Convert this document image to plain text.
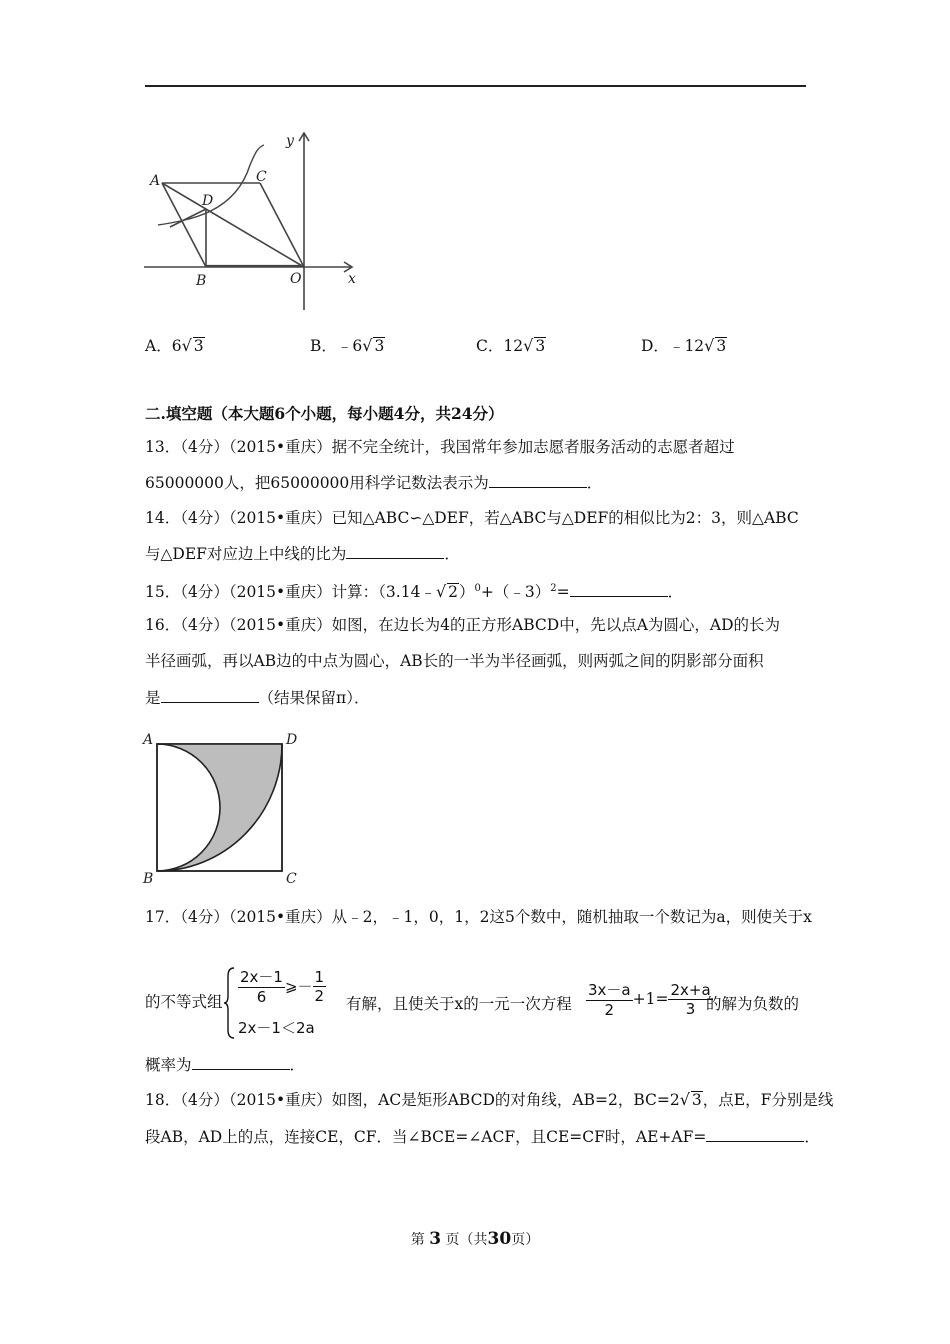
y
x
A	C
D
B	O
A．6√ 3	B．﹣6√ 3	C．12√ 3	D．﹣12√ 3
二.填空题（本大题6个小题，每小题4分，共24分）
13．（4分）（2015•重庆）据不完全统计，我国常年参加志愿者服务活动的志愿者超过
65000000人，把65000000用科学记数法表示为	．
14．（4分）（2015•重庆）已知△ABC∽△DEF，若△ABC与△DEF的相似比为2：3，则△ABC
与△DEF对应边上中线的比为	．
15．（4分）（2015•重庆）计算：（3.14﹣√ 2）$^0$+（﹣3）$^2$=	．
16．（4分）（2015•重庆）如图，在边长为4的正方形ABCD中，先以点A为圆心，AD的长为
半径画弧，再以AB边的中点为圆心，AB长的一半为半径画弧，则两弧之间的阴影部分面积
是	（结果保留π）．
A	D
B	C
17．（4分）（2015•重庆）从﹣2，﹣1，0，1，2这5个数中，随机抽取一个数记为a，则使关于x
的不等式组 $\frac{2x-1}{6}$ ⩾－ $\frac{1}{2}$
2x－1＜2a
有解，且使关于x的一元一次方程 $\frac{3x-a}{2} +1= \frac{2x+a}{3}$
的解为负数的
概率为	．
18．（4分）（2015•重庆）如图，AC是矩形ABCD的对角线，AB=2，BC=2√ 3，点E，F分别是线
段AB，AD上的点，连接CE，CF．当∠BCE=∠ACF，且CE=CF时，AE+AF=	．
第 3 页（共30页）
